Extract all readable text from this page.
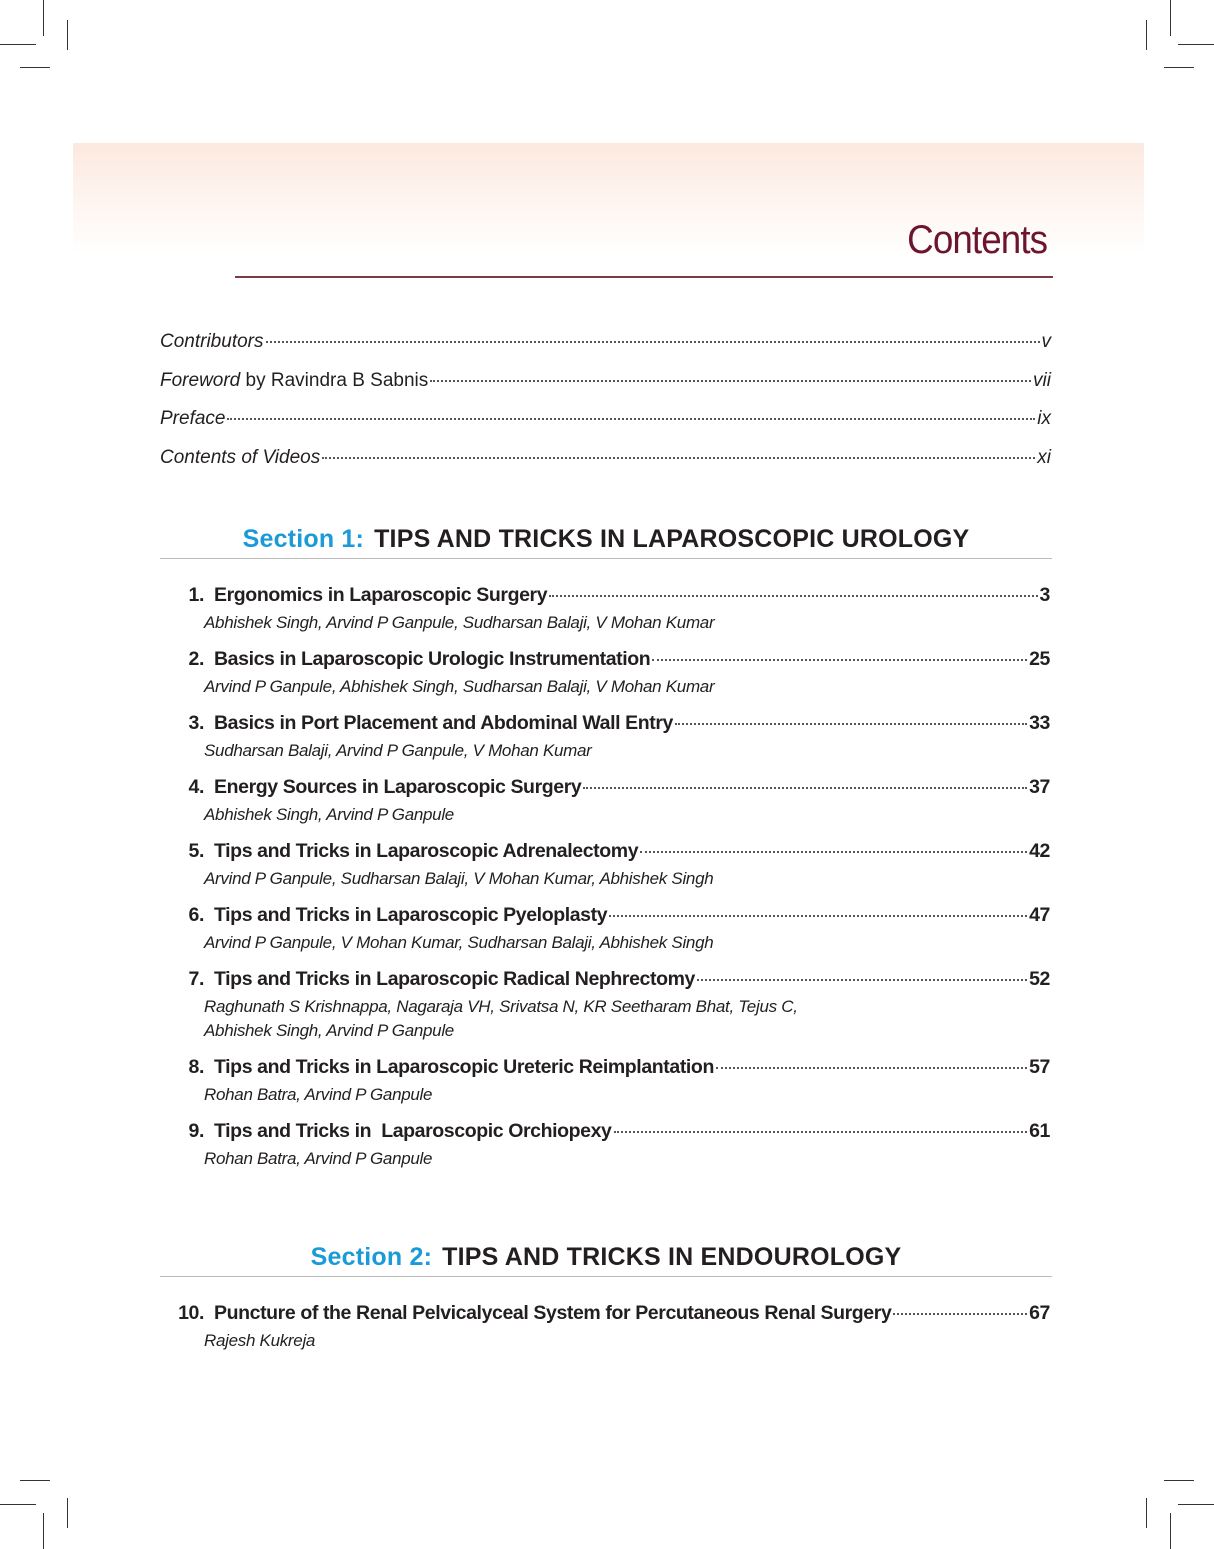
Contents
Contributors	v
Foreword by Ravindra B Sabnis	vii
Preface	ix
Contents of Videos	xi
Section 1: TIPS AND TRICKS IN LAPAROSCOPIC UROLOGY
1. Ergonomics in Laparoscopic Surgery	3
Abhishek Singh, Arvind P Ganpule, Sudharsan Balaji, V Mohan Kumar
2. Basics in Laparoscopic Urologic Instrumentation	25
Arvind P Ganpule, Abhishek Singh, Sudharsan Balaji, V Mohan Kumar
3. Basics in Port Placement and Abdominal Wall Entry	33
Sudharsan Balaji, Arvind P Ganpule, V Mohan Kumar
4. Energy Sources in Laparoscopic Surgery	37
Abhishek Singh, Arvind P Ganpule
5. Tips and Tricks in Laparoscopic Adrenalectomy	42
Arvind P Ganpule, Sudharsan Balaji, V Mohan Kumar, Abhishek Singh
6. Tips and Tricks in Laparoscopic Pyeloplasty	47
Arvind P Ganpule, V Mohan Kumar, Sudharsan Balaji, Abhishek Singh
7. Tips and Tricks in Laparoscopic Radical Nephrectomy	52
Raghunath S Krishnappa, Nagaraja VH, Srivatsa N, KR Seetharam Bhat, Tejus C,
Abhishek Singh, Arvind P Ganpule
8. Tips and Tricks in Laparoscopic Ureteric Reimplantation	57
Rohan Batra, Arvind P Ganpule
9. Tips and Tricks in  Laparoscopic Orchiopexy	61
Rohan Batra, Arvind P Ganpule
Section 2: TIPS AND TRICKS IN ENDOUROLOGY
10. Puncture of the Renal Pelvicalyceal System for Percutaneous Renal Surgery	67
Rajesh Kukreja
